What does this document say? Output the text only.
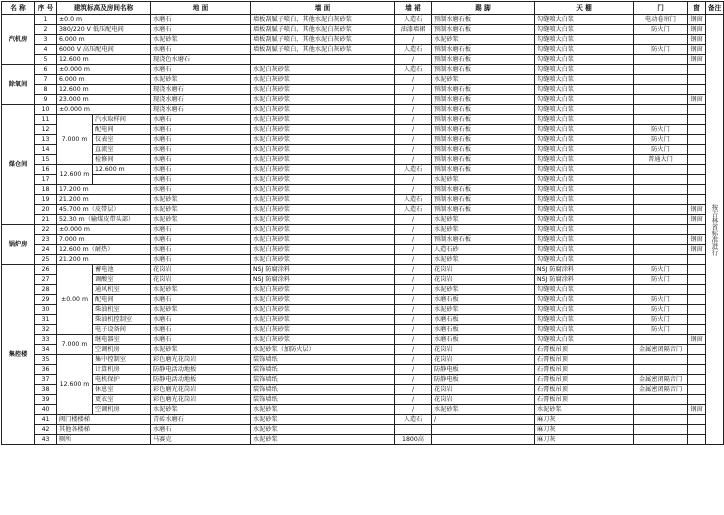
名 称	序 号	建筑标高及房间名称		地 面	墙 面	墙 裙	踢 脚	天 棚	门	窗	备注
汽机房	1	±0.0 m		水磨石	墙板刮腻子喷白，其他水泥白灰砂浆	人造石	预制水磨石板	勾缝喷大白浆	电动卷帘门	钢窗	按吉林省标准进行
	2	380/220 V 低压配电间		水磨石	墙板刮腻子喷白，其他水泥白灰砂浆	油漆墙裙	预制水磨石板	勾缝喷大白浆	防火门	钢窗	
	3	6.000 m		水泥砂浆	墙板刮腻子喷白，其他水泥白灰砂浆	/	水泥砂浆	勾缝喷大白浆		钢窗	
	4	6000 V 高压配电间		水磨石	墙板刮腻子喷白，其他水泥白灰砂浆	人造石	预制水磨石板	勾缝喷大白浆	防火门	钢窗	
	5	12.600 m		现浇色水磨石		/	预制水磨石板	勾缝喷大白浆		钢窗	
除氧间	6	±0.000 m		水磨石	水泥白灰砂浆	人造石	预制水磨石板	勾缝喷大白浆			
	7	6.000 m		水泥砂浆	水泥白灰砂浆	/	水泥砂浆	勾缝喷大白浆			
	8	12.600 m		现浇水磨石	水泥白灰砂浆	/	预制水磨石板	勾缝喷大白浆			
	9	23.000 m		现浇水磨石	水泥白灰砂浆	/	预制水磨石板	勾缝喷大白浆		钢窗	
煤仓间	10	±0.000 m		现浇水磨石	水泥白灰砂浆	/	预制水磨石板	勾缝喷大白浆			
	11	7.000 m	汽水取样间	水磨石	水泥白灰砂浆	/	预制水磨石板	勾缝喷大白浆			
	12		配电间	水磨石	水泥白灰砂浆	/	预制水磨石板	勾缝喷大白浆	防火门		
	13		仪表室	水磨石	水泥白灰砂浆	/	预制水磨石板	勾缝喷大白浆	防火门		
	14		直流室	水磨石	水泥白灰砂浆	/	预制水磨石板	勾缝喷大白浆	防火门		
	15		检修间	水磨石	水泥白灰砂浆	/	预制水磨石板	勾缝喷大白浆	普通大门		
	16	12.600 m	12.600 m	水磨石	水泥白灰砂浆	人造石	预制水磨石板	勾缝喷大白浆			
	17			水磨石	水泥白灰砂浆	/	水泥砂浆	勾缝喷大白浆			
	18	17.200 m		水磨石	水泥白灰砂浆	/	预制水磨石板	勾缝喷大白浆			
	19	21.200 m		水泥砂浆	水泥白灰砂浆	人造石	预制水磨石板	勾缝喷大白浆			
	20	45.700 m（皮带层）		水泥砂浆	水泥白灰砂浆	人造石	预制水磨石板	勾缝喷大白浆		钢窗	
	21	52.30 m（输煤皮带头部）		水泥砂浆	水泥白灰砂浆	/	水泥砂浆	勾缝喷大白浆		钢窗	
锅炉房	22	±0.000 m		水磨石	水泥白灰砂浆	/	水泥砂浆	勾缝喷大白浆			
	23	7.000 m		水磨石	水泥白灰砂浆	/	预制水磨石板	勾缝喷大白浆		钢窗	
	24	12.600 m（耐热）		水磨石	水泥白灰砂浆	/	人造石砂	勾缝喷大白浆		钢窗	
	25	21.200 m		水磨石	水泥白灰砂浆	/	水泥砂浆	勾缝喷大白浆			
集控楼	26	±0.00 m	蓄电池	花岗岩	NSJ 防腐涂料	/	花岗岩	NSJ 防腐涂料	防火门		
	27		调酸室	花岗岩	NSJ 防腐涂料	/	花岗岩	NSJ 防腐涂料	防火门		
	28		通风机室	水泥砂浆	水泥白灰砂浆	/	水泥砂浆	勾缝喷大白浆			
	29		配电间	水磨石	水泥白灰砂浆	/	水磨石板	勾缝喷大白浆	防火门		
	30		柴油机室	水泥砂浆	水泥白灰砂浆	/	水泥砂浆	勾缝喷大白浆	防火门		
	31		柴油机控制室	水磨石	水泥白灰砂浆	/	水磨石板	勾缝喷大白浆	防火门		
	32		电子设备间	水磨石	水泥白灰砂浆	/	水磨石板	勾缝喷大白浆	防火门		
	33	7.000 m	继电器室	水磨石	水泥白灰砂浆	/	水磨石板	勾缝喷大白浆		钢窗	
	34		空调机房	水泥砂浆	水泥砂浆（加防火层）	/	花岗岩	石膏板吊顶	金属密闭隔音门		
	35	12.600 m	集中控制室	彩色磨光花岗岩	装饰墙纸	/	花岗岩	石膏板吊顶			
	36		计算机房	防静电活动地板	装饰墙纸	/	防静电板	石膏板吊顶			
	37		电机保护	防静电活动地板	装饰墙纸	/	防静电板	石膏板吊顶	金属密闭隔音门		
	38		休息室	彩色磨光花岗岩	装饰墙纸	/	花岗岩	石膏板吊顶	金属密闭隔音门		
	39		更衣室	彩色磨光花岗岩	装饰墙纸	/	花岗岩	石膏板吊顶			
	40		空调机房	水泥砂浆	水泥砂浆	/	水泥砂浆	水泥砂浆		钢窗	
	41	阀门楼楼梯		青砖水磨石	水泥砂浆	人造石	/	麻刀灰			
	42	其他各楼梯		水磨石	水泥砂浆			麻刀灰			
	43	厕所		马赛克	水泥砂浆	1800高		麻刀灰			
